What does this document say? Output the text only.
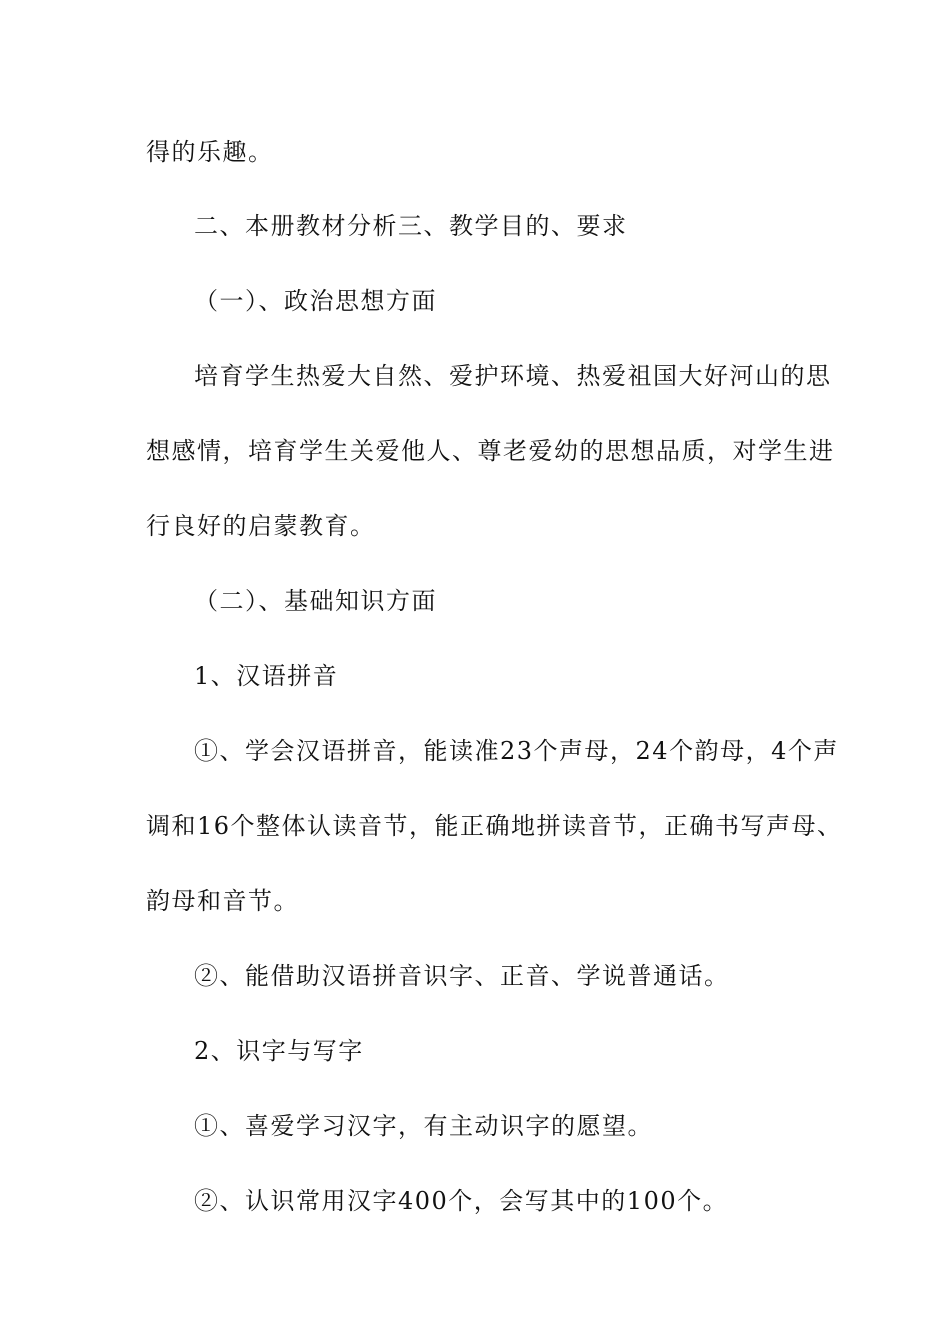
得的乐趣。
二、本册教材分析三、教学目的、要求
（一）、政治思想方面
培育学生热爱大自然、爱护环境、热爱祖国大好河山的思
想感情，培育学生关爱他人、尊老爱幼的思想品质，对学生进
行良好的启蒙教育。
（二）、基础知识方面
1、汉语拼音
①、学会汉语拼音，能读准23个声母，24个韵母，4个声
调和16个整体认读音节，能正确地拼读音节，正确书写声母、
韵母和音节。
②、能借助汉语拼音识字、正音、学说普通话。
2、识字与写字
①、喜爱学习汉字，有主动识字的愿望。
②、认识常用汉字400个，会写其中的100个。
